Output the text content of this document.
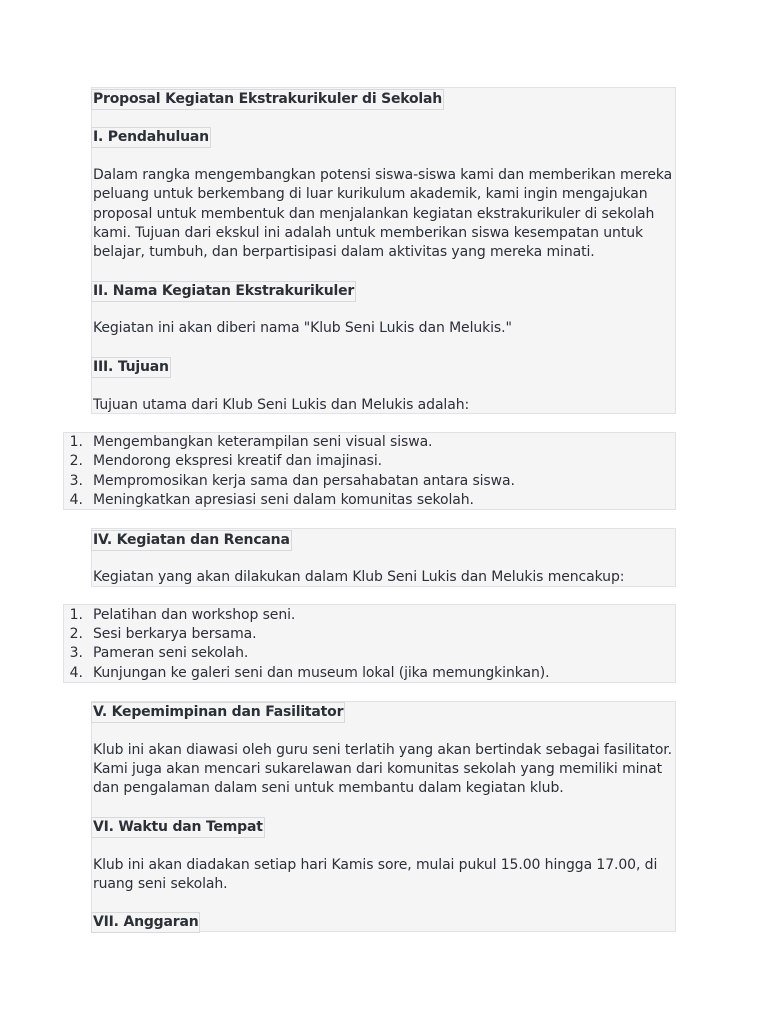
Proposal Kegiatan Ekstrakurikuler di Sekolah
I. Pendahuluan
Dalam rangka mengembangkan potensi siswa-siswa kami dan memberikan mereka
peluang untuk berkembang di luar kurikulum akademik, kami ingin mengajukan
proposal untuk membentuk dan menjalankan kegiatan ekstrakurikuler di sekolah
kami. Tujuan dari ekskul ini adalah untuk memberikan siswa kesempatan untuk
belajar, tumbuh, dan berpartisipasi dalam aktivitas yang mereka minati.
II. Nama Kegiatan Ekstrakurikuler
Kegiatan ini akan diberi nama "Klub Seni Lukis dan Melukis."
III. Tujuan
Tujuan utama dari Klub Seni Lukis dan Melukis adalah:
1. Mengembangkan keterampilan seni visual siswa.
2. Mendorong ekspresi kreatif dan imajinasi.
3. Mempromosikan kerja sama dan persahabatan antara siswa.
4. Meningkatkan apresiasi seni dalam komunitas sekolah.
IV. Kegiatan dan Rencana
Kegiatan yang akan dilakukan dalam Klub Seni Lukis dan Melukis mencakup:
1. Pelatihan dan workshop seni.
2. Sesi berkarya bersama.
3. Pameran seni sekolah.
4. Kunjungan ke galeri seni dan museum lokal (jika memungkinkan).
V. Kepemimpinan dan Fasilitator
Klub ini akan diawasi oleh guru seni terlatih yang akan bertindak sebagai fasilitator.
Kami juga akan mencari sukarelawan dari komunitas sekolah yang memiliki minat
dan pengalaman dalam seni untuk membantu dalam kegiatan klub.
VI. Waktu dan Tempat
Klub ini akan diadakan setiap hari Kamis sore, mulai pukul 15.00 hingga 17.00, di
ruang seni sekolah.
VII. Anggaran
